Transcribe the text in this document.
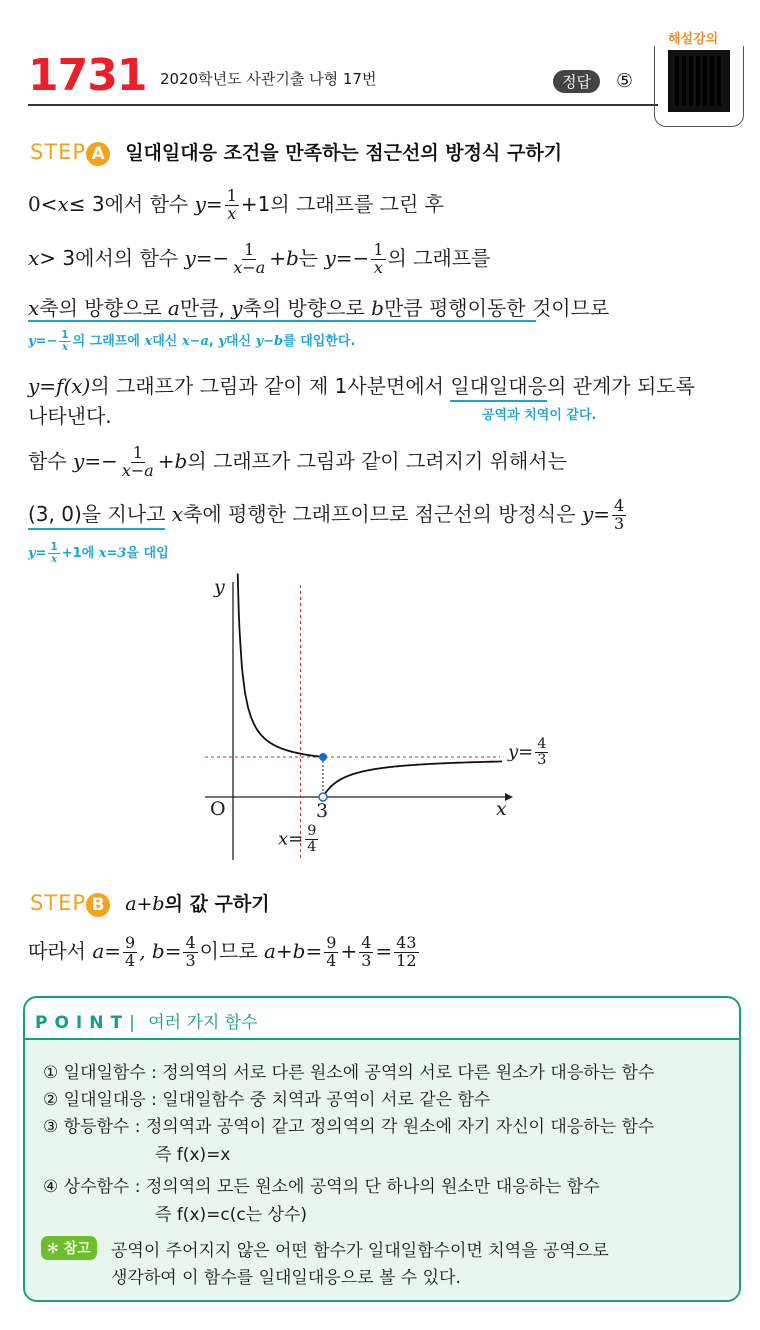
1731 2020학년도 사관기출 나형 17번	정답	⑤
해설강의
STEP A 일대일대응 조건을 만족하는 점근선의 방정식 구하기
0<x≤ 3에서 함수 $y= \frac{1}{x} +1$의 그래프를 그린 후
x> 3에서의 함수 $y=- \frac{1}{x-a} +b$는 $y=- \frac{1}{x}$ 의 그래프를
x축의 방향으로 a만큼, y축의 방향으로 b만큼 평행이동한 것이므로
$y=- \frac{1}{x}$ 의 그래프에 x대신 x−a, y대신 y−b를 대입한다.
y=f(x)의 그래프가 그림과 같이 제 1사분면에서 일대일대응의 관계가 되도록
나타낸다.	공역과 치역이 같다.
함수 $y=- \frac{1}{x-a} +b$의 그래프가 그림과 같이 그려지기 위해서는
(3, 0)을 지나고 x축에 평행한 그래프이므로 점근선의 방정식은 $y= \frac{4}{3}$
$y= \frac{1}{x} +1$에 x=3을 대입
y
x
O	3
$y= \frac{4}{3}$
$x= \frac{9}{4}$
STEP B a+b의 값 구하기
따라서 $a= \frac{9}{4}$ , $b= \frac{4}{3}$ 이므로 $a+b= \frac{9}{4} + \frac{4}{3} = \frac{43}{12}$
POINT| 여러 가지 함수
① 일대일함수 : 정의역의 서로 다른 원소에 공역의 서로 다른 원소가 대응하는 함수
② 일대일대응 : 일대일함수 중 치역과 공역이 서로 같은 함수
③ 항등함수 : 정의역과 공역이 같고 정의역의 각 원소에 자기 자신이 대응하는 함수
즉 f(x)=x
④ 상수함수 : 정의역의 모든 원소에 공역의 단 하나의 원소만 대응하는 함수
즉 f(x)=c(c는 상수)
✻ 참고	공역이 주어지지 않은 어떤 함수가 일대일함수이면 치역을 공역으로
생각하여 이 함수를 일대일대응으로 볼 수 있다.
